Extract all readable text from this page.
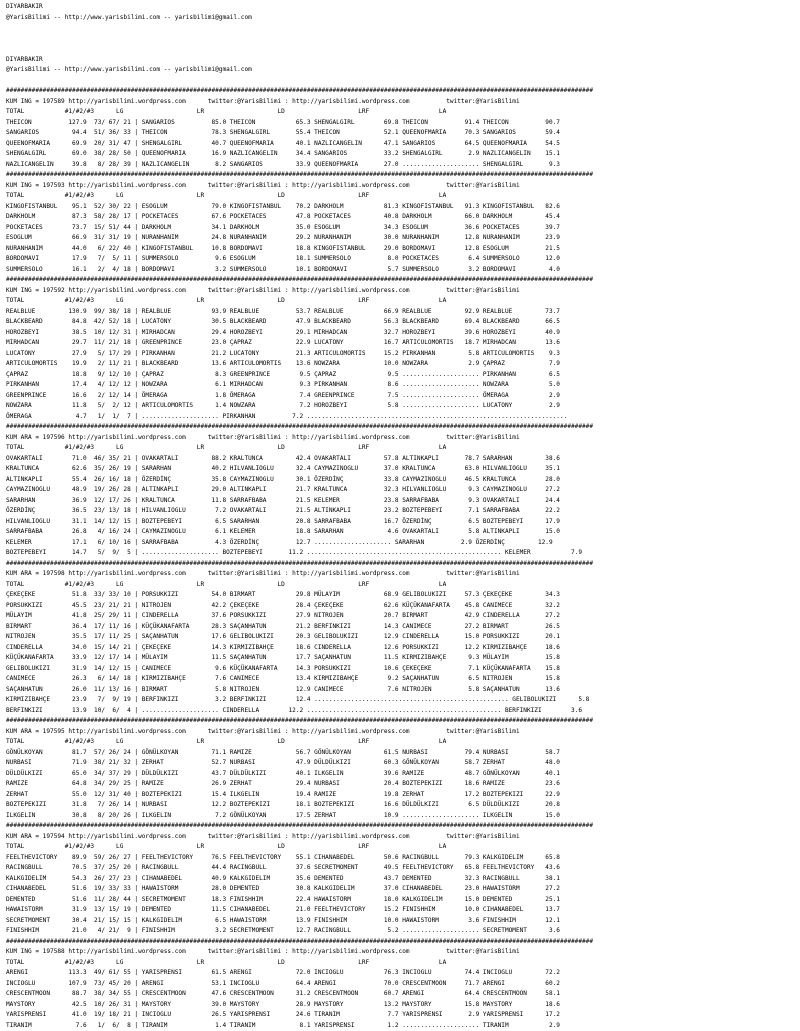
DIYARBAKIR
@YarisBilimi -- http://www.yarisbilimi.com -- yarisbilimi@gmail.com
DIYARBAKIR
@YarisBilimi -- http://www.yarisbilimi.com -- yarisbilimi@gmail.com
################################################################################################################################################################
KUM ING = 197589 http://yarisbilimi.wordpress.com      twitter:@YarisBilimi : http://yarisbilimi.wordpress.com          twitter:@YarisBilimi
TOTAL           #1/#2/#3      LG                    LR                    LD                    LRF                   LA
THEICON          127.9  73/ 67/ 21 | SANGARIOS          85.0 THEICON           65.3 SHENGALGIRL        69.8 THEICON          91.4 THEICON          90.7
SANGARIOS         94.4  51/ 36/ 33 | THEICON            78.3 SHENGALGIRL       55.4 THEICON            52.1 QUEENOFMARIA     70.3 SANGARIOS        59.4
QUEENOFMARIA      69.9  20/ 31/ 47 | SHENGALGIRL        40.7 QUEENOFMARIA      40.1 NAZLICANGELIN      47.1 SANGARIOS        64.5 QUEENOFMARIA     54.5
SHENGALGIRL       69.0  38/ 28/ 50 | QUEENOFMARIA       16.9 NAZLICANGELIN     34.4 SANGARIOS          33.2 SHENGALGIRL       2.9 NAZLICANGELIN    15.1
NAZLICANGELIN     39.8   8/ 28/ 39 | NAZLICANGELIN       8.2 SANGARIOS         33.9 QUEENOFMARIA       27.0 ..................... SHENGALGIRL       9.3
################################################################################################################################################################
KUM ING = 197593 http://yarisbilimi.wordpress.com      twitter:@YarisBilimi : http://yarisbilimi.wordpress.com          twitter:@YarisBilimi
TOTAL           #1/#2/#3      LG                    LR                    LD                    LRF                   LA
KINGOFISTANBUL    95.1  52/ 30/ 22 | ESOGLUM            79.0 KINGOFISTANBUL    70.2 DARKHOLM           81.3 KINGOFISTANBUL   91.3 KINGOFISTANBUL   82.6
DARKHOLM          87.3  58/ 28/ 17 | POCKETACES         67.6 POCKETACES        47.8 POCKETACES         40.8 DARKHOLM         66.0 DARKHOLM         45.4
POCKETACES        73.7  15/ 51/ 44 | DARKHOLM           34.1 DARKHOLM          35.0 ESOGLUM            34.3 ESOGLUM          36.6 POCKETACES       39.7
ESOGLUM           66.9  31/ 31/ 19 | NURANHANIM         24.8 NURANHANIM        29.2 NURANHANIM         30.0 NURANHANIM       12.8 NURANHANIM       23.9
NURANHANIM        44.0   6/ 22/ 40 | KINGOFISTANBUL     10.8 BORDOMAVI         18.8 KINGOFISTANBUL     29.0 BORDOMAVI        12.8 ESOGLUM          21.5
BORDOMAVI         17.9   7/  5/ 11 | SUMMERSOLO          9.6 ESOGLUM           18.1 SUMMERSOLO          8.0 POCKETACES        6.4 SUMMERSOLO       12.0
SUMMERSOLO        16.1   2/  4/ 18 | BORDOMAVI           3.2 SUMMERSOLO        10.1 BORDOMAVI           5.7 SUMMERSOLO        3.2 BORDOMAVI         4.0
################################################################################################################################################################
KUM ING = 197592 http://yarisbilimi.wordpress.com      twitter:@YarisBilimi : http://yarisbilimi.wordpress.com          twitter:@YarisBilimi
TOTAL           #1/#2/#3      LG                    LR                    LD                    LRF                   LA
REALBLUE         130.9  99/ 38/ 18 | REALBLUE           93.9 REALBLUE          53.7 REALBLUE           66.9 REALBLUE         92.9 REALBLUE         73.7
BLACKBEARD        84.8  42/ 52/ 18 | LUCATONY           30.5 BLACKBEARD        47.9 BLACKBEARD         56.3 BLACKBEARD       69.4 BLACKBEARD       66.5
HOROZBEYI         38.5  10/ 12/ 31 | MIRHADCAN          29.4 HOROZBEYI         29.1 MIRHADCAN          32.7 HOROZBEYI        39.6 HOROZBEYI        40.9
MIRHADCAN         29.7  11/ 21/ 18 | GREENPRINCE        23.0 ÇAPRAZ            22.9 LUCATONY           16.7 ARTICULOMORTIS   18.7 MIRHADCAN        13.6
LUCATONY          27.9   5/ 17/ 29 | PIRKANHAN          21.2 LUCATONY          21.3 ARTICULOMORTIS     15.2 PIRKANHAN         5.8 ARTICULOMORTIS    9.3
ARTICULOMORTIS    19.9   2/ 11/ 21 | BLACKBEARD         13.6 ARTICULOMORTIS    13.6 NOWZARA            10.0 NOWZARA           2.9 ÇAPRAZ            7.9
ÇAPRAZ            18.8   9/ 12/ 10 | ÇAPRAZ              8.3 GREENPRINCE        9.5 ÇAPRAZ              9.5 ..................... PIRKANHAN         6.5
PIRKANHAN         17.4   4/ 12/ 12 | NOWZARA             6.1 MIRHADCAN          9.3 PIRKANHAN           8.6 ..................... NOWZARA           5.0
GREENPRINCE       16.6   2/ 12/ 14 | ÖMERAGA             1.8 ÖMERAGA            7.4 GREENPRINCE         7.5 ..................... ÖMERAGA           2.9
NOWZARA           11.8   5/  2/ 12 | ARTICULOMORTIS      1.4 NOWZARA            7.2 HOROZBEYI           5.8 ..................... LUCATONY          2.9
ÖMERAGA            4.7   1/  1/  7 | ..................... PIRKANHAN          7.2 .......................................................................
################################################################################################################################################################
KUM ARA = 197596 http://yarisbilimi.wordpress.com      twitter:@YarisBilimi : http://yarisbilimi.wordpress.com          twitter:@YarisBilimi
TOTAL           #1/#2/#3      LG                    LR                    LD                    LRF                   LA
OVAKARTALI        71.0  46/ 35/ 21 | OVAKARTALI         88.2 KRALTUNCA         42.4 OVAKARTALI         57.8 ALTINKAPLI       78.7 SARARHAN         38.6
KRALTUNCA         62.6  35/ 26/ 19 | SARARHAN           40.2 HILVANLIOGLU      32.4 CAYMAZINOGLU       37.0 KRALTUNCA        63.0 HILVANLIOGLU     35.1
ALTINKAPLI        55.4  26/ 16/ 18 | ÖZERDİNÇ           35.8 CAYMAZINOGLU      30.1 ÖZERDİNÇ           33.8 CAYMAZINOGLU     46.5 KRALTUNCA        28.0
CAYMAZINOGLU      48.9  19/ 26/ 28 | ALTINKAPLI         29.0 ALTINKAPLI        21.7 KRALTUNCA          32.3 HILVANLIOGLU      9.3 CAYMAZINOGLU     27.2
SARARHAN          36.9  12/ 17/ 26 | KRALTUNCA          11.8 SARRAFBABA        21.5 KELEMER            23.8 SARRAFBABA        9.3 OVAKARTALI       24.4
ÖZERDİNÇ          36.5  23/ 13/ 18 | HILVANLIOGLU        7.2 OVAKARTALI        21.5 ALTINKAPLI         23.2 BOZTEPEBEYI       7.1 SARRAFBABA       22.2
HILVANLIOGLU      31.1  14/ 12/ 15 | BOZTEPEBEYI         6.5 SARARHAN          20.8 SARRAFBABA         16.7 ÖZERDİNÇ          6.5 BOZTEPEBEYI      17.9
SARRAFBABA        26.8   4/ 16/ 24 | CAYMAZINOGLU        6.1 KELEMER           18.8 SARARHAN            4.6 OVAKARTALI        5.8 ALTINKAPLI       15.0
KELEMER           17.1   6/ 10/ 16 | SARRAFBABA          4.3 ÖZERDİNÇ          12.7 ..................... SARARHAN          2.9 ÖZERDİNÇ         12.9
BOZTEPEBEYI       14.7   5/  9/  5 | ..................... BOZTEPEBEYI       11.2 ..................................................... KELEMER           7.9
################################################################################################################################################################
KUM ARA = 197598 http://yarisbilimi.wordpress.com      twitter:@YarisBilimi : http://yarisbilimi.wordpress.com          twitter:@YarisBilimi
TOTAL           #1/#2/#3      LG                    LR                    LD                    LRF                   LA
ÇEKEÇEKE          51.8  33/ 33/ 10 | PORSUKKIZI         54.0 BIRMART           29.8 MÜLAYIM            68.9 GELIBOLUKIZI     57.3 ÇEKEÇEKE         34.3
PORSUKKIZI        45.5  23/ 21/ 21 | NITROJEN           42.2 ÇEKEÇEKE          28.4 ÇEKEÇEKE           62.6 KÜÇÜKANAFARTA    45.8 CANIMECE         32.2
MÜLAYIM           41.8  25/ 29/ 11 | CINDERELLA         37.6 PORSUKKIZI        27.9 NITROJEN           20.7 BIRMART          42.9 CINDERELLA       27.2
BIRMART           36.4  17/ 11/ 16 | KÜÇÜKANAFARTA      28.3 SAÇANHATUN        21.2 BERFINKIZI         14.3 CANIMECE         27.2 BIRMART          26.5
NITROJEN          35.5  17/ 11/ 25 | SAÇANHATUN         17.6 GELIBOLUKIZI      20.3 GELIBOLUKIZI       12.9 CINDERELLA       15.0 PORSUKKIZI       20.1
CINDERELLA        34.0  15/ 14/ 21 | ÇEKEÇEKE           14.3 KIRMIZIBAHÇE      18.6 CINDERELLA         12.6 PORSUKKIZI       12.2 KIRMIZIBAHÇE     18.6
KÜÇÜKANAFARTA     33.9  12/ 17/ 14 | MÜLAYIM            11.5 SAÇANHATUN        17.7 SAÇANHATUN         11.5 KIRMIZIBAHÇE      9.3 MÜLAYIM          15.8
GELIBOLUKIZI      31.9  14/ 12/ 15 | CANIMECE            9.6 KÜÇÜKANAFARTA     14.3 PORSUKKIZI         10.6 ÇEKEÇEKE          7.1 KÜÇÜKANAFARTA    15.8
CANIMECE          26.3   6/ 14/ 18 | KIRMIZIBAHÇE        7.6 CANIMECE          13.4 KIRMIZIBAHÇE        9.2 SAÇANHATUN        6.5 NITROJEN         15.8
SAÇANHATUN        26.0  11/ 13/ 16 | BIRMART             5.8 NITROJEN          12.9 CANIMECE            7.6 NITROJEN          5.8 SAÇANHATUN       13.6
KIRMIZIBAHÇE      23.9   7/  9/ 19 | BERFINKIZI          3.2 BERFINKIZI        12.4 ..................................................... GELIBOLUKIZI      5.8
BERFINKIZI        13.9  10/  6/  4 | ..................... CINDERELLA        12.2 ..................................................... BERFINKIZI        3.6
################################################################################################################################################################
KUM ARA = 197595 http://yarisbilimi.wordpress.com      twitter:@YarisBilimi : http://yarisbilimi.wordpress.com          twitter:@YarisBilimi
TOTAL           #1/#2/#3      LG                    LR                    LD                    LRF                   LA
GÖNÜLKOYAN        81.7  57/ 26/ 24 | GÖNÜLKOYAN         71.1 RAMIZE            56.7 GÖNÜLKOYAN         61.5 NURBASI          79.4 NURBASI          58.7
NURBASI           71.9  38/ 21/ 32 | ZERHAT             52.7 NURBASI           47.9 DÜLDÜLKIZI         60.3 GÖNÜLKOYAN       58.7 ZERHAT           48.0
DÜLDÜLKIZI        65.0  34/ 37/ 29 | DÜLDÜLKIZI         43.7 DÜLDÜLKIZI        40.1 ILKGELIN           39.6 RAMIZE           48.7 GÖNÜLKOYAN       40.1
RAMIZE            64.8  34/ 29/ 25 | RAMIZE             26.9 ZERHAT            29.4 NURBASI            20.4 BOZTEPEKIZI      18.6 RAMIZE           23.6
ZERHAT            55.0  12/ 31/ 40 | BOZTEPEKIZI        15.4 ILKGELIN          19.4 RAMIZE             19.8 ZERHAT           17.2 BOZTEPEKIZI      22.9
BOZTEPEKIZI       31.8   7/ 26/ 14 | NURBASI            12.2 BOZTEPEKIZI       18.1 BOZTEPEKIZI        16.6 DÜLDÜLKIZI        6.5 DÜLDÜLKIZI       20.8
ILKGELIN          30.8   8/ 20/ 26 | ILKGELIN            7.2 GÖNÜLKOYAN        17.5 ZERHAT             10.9 ..................... ILKGELIN         15.0
################################################################################################################################################################
KUM ARA = 197594 http://yarisbilimi.wordpress.com      twitter:@YarisBilimi : http://yarisbilimi.wordpress.com          twitter:@YarisBilimi
TOTAL           #1/#2/#3      LG                    LR                    LD                    LRF                   LA
FEELTHEVICTORY    89.9  59/ 26/ 27 | FEELTHEVICTORY     76.5 FEELTHEVICTORY    55.1 CIHANABEDEL        50.6 RACINGBULL       79.3 KALKGIDELIM      65.8
RACINGBULL        70.5  37/ 25/ 20 | RACINGBULL         44.4 RACINGBULL        37.6 SECRETMOMENT       49.5 FEELTHEVICTORY   65.8 FEELTHEVICTORY   43.6
KALKGIDELIM       54.3  26/ 27/ 23 | CIHANABEDEL        40.9 KALKGIDELIM       35.6 DEMENTED           43.7 DEMENTED         32.3 RACINGBULL       38.1
CIHANABEDEL       51.6  19/ 33/ 33 | HAWAISTORM         28.0 DEMENTED          30.8 KALKGIDELIM        37.0 CIHANABEDEL      23.0 HAWAISTORM       27.2
DEMENTED          51.6  11/ 28/ 44 | SECRETMOMENT       18.3 FINISHHIM         22.4 HAWAISTORM         18.0 KALKGIDELIM      15.0 DEMENTED         25.1
HAWAISTORM        31.9  13/ 15/ 19 | DEMENTED           11.5 CIHANABEDEL       21.0 FEELTHEVICTORY     15.2 FINISHHIM        10.0 CIHANABEDEL      13.7
SECRETMOMENT      30.4  21/ 15/ 15 | KALKGIDELIM         6.5 HAWAISTORM        13.9 FINISHHIM          10.0 HAWAISTORM        3.6 FINISHHIM        12.1
FINISHHIM         21.0   4/ 21/  9 | FINISHHIM           3.2 SECRETMOMENT      12.7 RACINGBULL          5.2 ..................... SECRETMOMENT      3.6
################################################################################################################################################################
KUM ING = 197588 http://yarisbilimi.wordpress.com      twitter:@YarisBilimi : http://yarisbilimi.wordpress.com          twitter:@YarisBilimi
TOTAL           #1/#2/#3      LG                    LR                    LD                    LRF                   LA
ARENGI           113.3  49/ 61/ 55 | YARISPRENSI        61.5 ARENGI            72.0 INCIOGLU           76.3 INCIOGLU         74.4 INCIOGLU         72.2
INCIOGLU         107.9  73/ 45/ 20 | ARENGI             53.1 INCIOGLU          64.4 ARENGI             70.0 CRESCENTMOON     71.7 ARENGI           60.2
CRESCENTMOON      88.7  38/ 34/ 55 | CRESCENTMOON       47.6 CRESCENTMOON      31.2 CRESCENTMOON       60.7 ARENGI           64.4 CRESCENTMOON     58.1
MAYSTORY          42.5  10/ 26/ 31 | MAYSTORY           39.0 MAYSTORY          28.9 MAYSTORY           13.2 MAYSTORY         15.8 MAYSTORY         18.6
YARISPRENSI       41.0  19/ 18/ 21 | INCIOGLU           26.5 YARISPRENSI       24.6 TIRANIM             7.7 YARISPRENSI       2.9 YARISPRENSI      17.2
TIRANIM            7.6   1/  6/  8 | TIRANIM             1.4 TIRANIM            8.1 YARISPRENSI         1.2 ..................... TIRANIM           2.9
